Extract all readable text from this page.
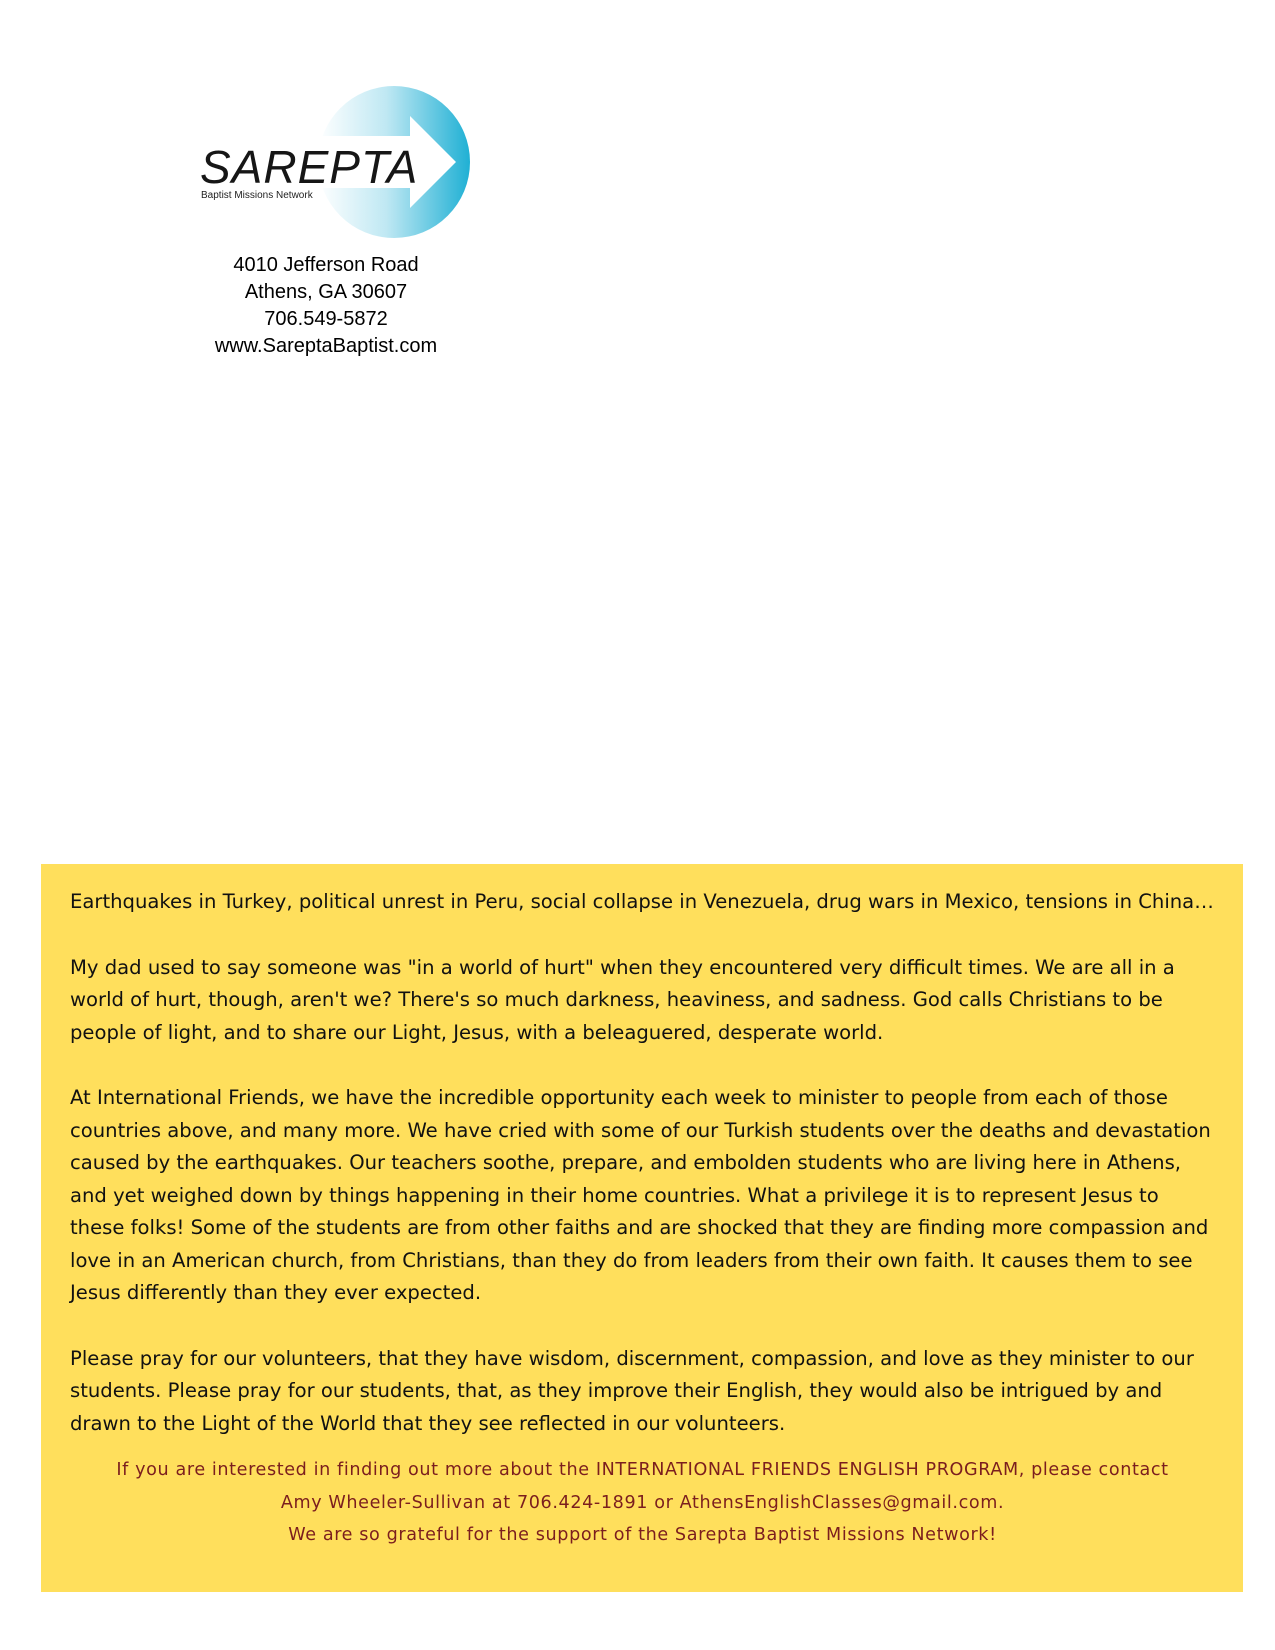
SAREPTA
Baptist Missions Network
4010 Jefferson Road
Athens, GA 30607
706.549-5872
www.SareptaBaptist.com

Earthquakes in Turkey, political unrest in Peru, social collapse in Venezuela, drug wars in Mexico, tensions in China…

My dad used to say someone was "in a world of hurt" when they encountered very difficult times. We are all in a world of hurt, though, aren't we? There's so much darkness, heaviness, and sadness. God calls Christians to be people of light, and to share our Light, Jesus, with a beleaguered, desperate world.

At International Friends, we have the incredible opportunity each week to minister to people from each of those countries above, and many more. We have cried with some of our Turkish students over the deaths and devastation caused by the earthquakes. Our teachers soothe, prepare, and embolden students who are living here in Athens, and yet weighed down by things happening in their home countries. What a privilege it is to represent Jesus to these folks! Some of the students are from other faiths and are shocked that they are finding more compassion and love in an American church, from Christians, than they do from leaders from their own faith. It causes them to see Jesus differently than they ever expected.

Please pray for our volunteers, that they have wisdom, discernment, compassion, and love as they minister to our students. Please pray for our students, that, as they improve their English, they would also be intrigued by and drawn to the Light of the World that they see reflected in our volunteers.

If you are interested in finding out more about the INTERNATIONAL FRIENDS ENGLISH PROGRAM, please contact
Amy Wheeler-Sullivan at 706.424-1891 or AthensEnglishClasses@gmail.com.
We are so grateful for the support of the Sarepta Baptist Missions Network!
